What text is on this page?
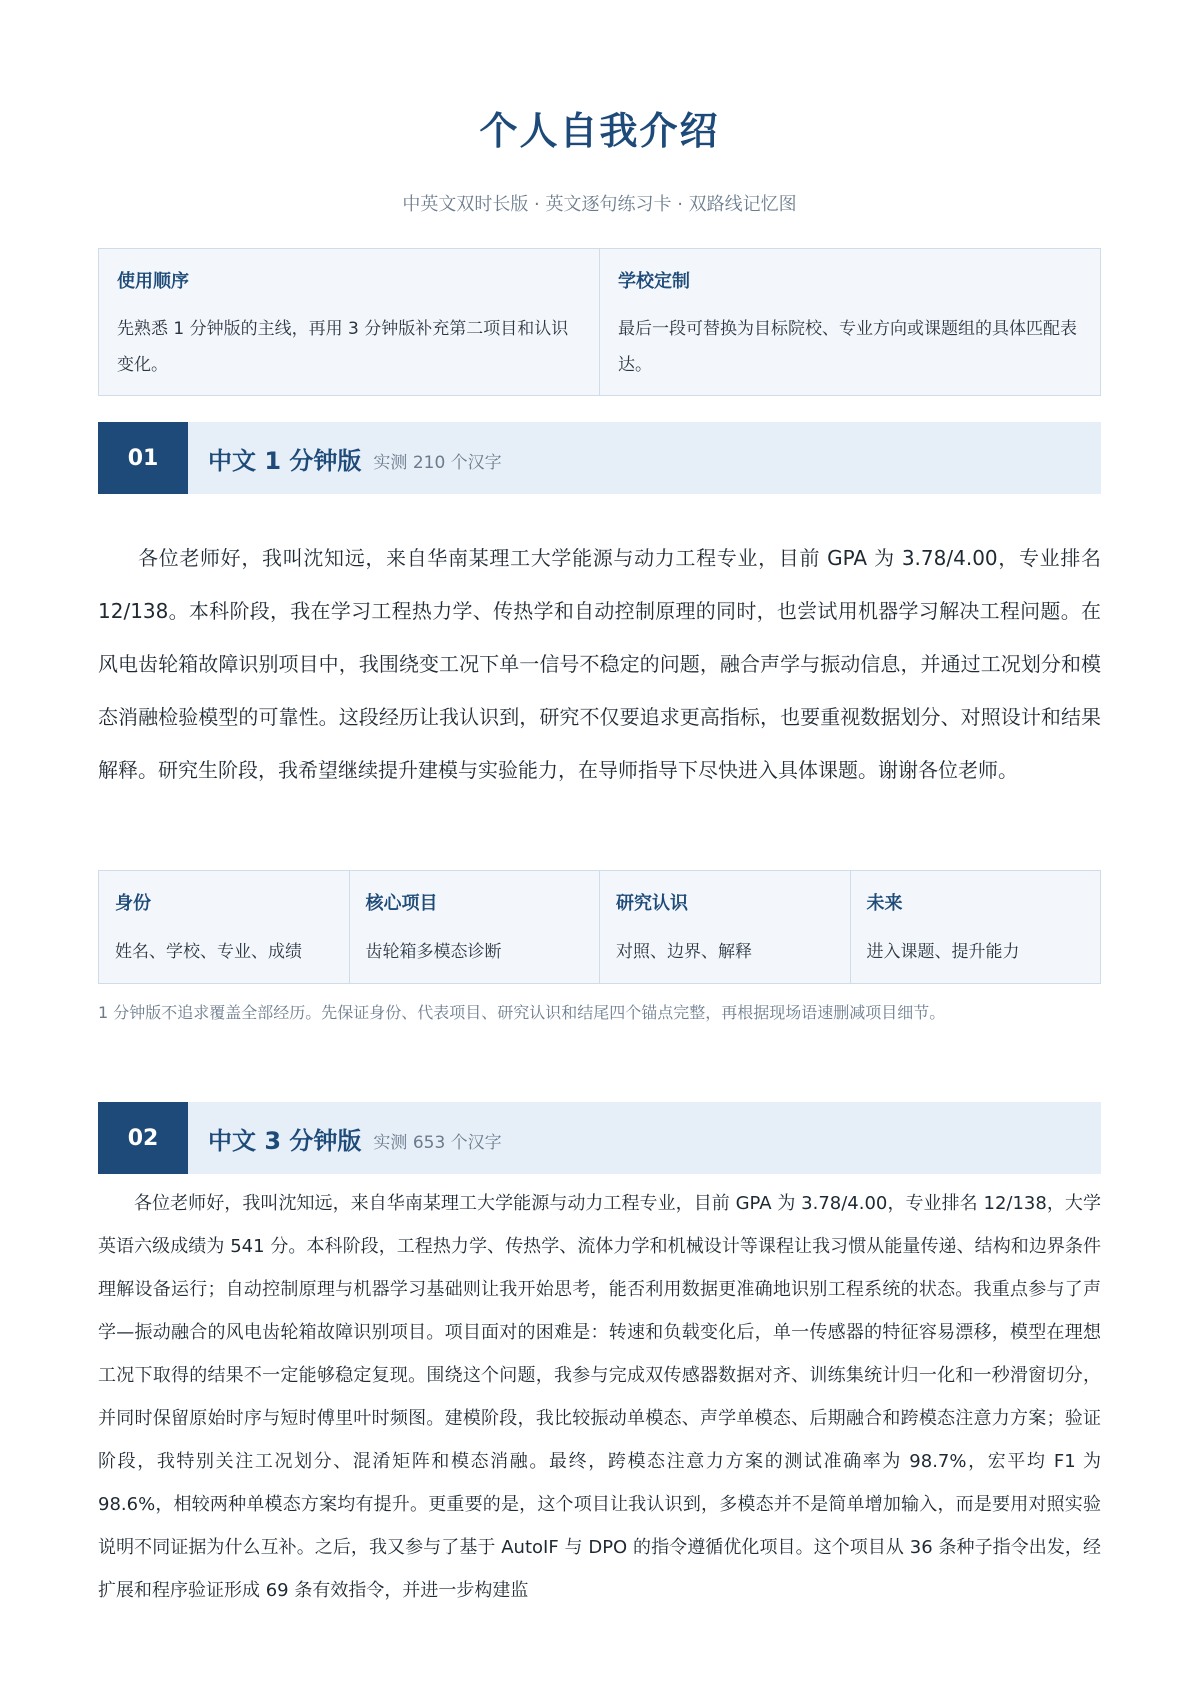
个人自我介绍
中英文双时长版 · 英文逐句练习卡 · 双路线记忆图
使用顺序
先熟悉 1 分钟版的主线，再用 3 分钟版补充第二项目和认识变化。
学校定制
最后一段可替换为目标院校、专业方向或课题组的具体匹配表达。
01	中文 1 分钟版 实测 210 个汉字

各位老师好，我叫沈知远，来自华南某理工大学能源与动力工程专业，目前 GPA 为 3.78/4.00，专业排名 12/138。本科阶段，我在学习工程热力学、传热学和自动控制原理的同时，也尝试用机器学习解决工程问题。在风电齿轮箱故障识别项目中，我围绕变工况下单一信号不稳定的问题，融合声学与振动信息，并通过工况划分和模态消融检验模型的可靠性。这段经历让我认识到，研究不仅要追求更高指标，也要重视数据划分、对照设计和结果解释。研究生阶段，我希望继续提升建模与实验能力，在导师指导下尽快进入具体课题。谢谢各位老师。

身份
姓名、学校、专业、成绩
核心项目
齿轮箱多模态诊断
研究认识
对照、边界、解释
未来
进入课题、提升能力
1 分钟版不追求覆盖全部经历。先保证身份、代表项目、研究认识和结尾四个锚点完整，再根据现场语速删减项目细节。
02	中文 3 分钟版 实测 653 个汉字

各位老师好，我叫沈知远，来自华南某理工大学能源与动力工程专业，目前 GPA 为 3.78/4.00，专业排名 12/138，大学英语六级成绩为 541 分。本科阶段，工程热力学、传热学、流体力学和机械设计等课程让我习惯从能量传递、结构和边界条件理解设备运行；自动控制原理与机器学习基础则让我开始思考，能否利用数据更准确地识别工程系统的状态。我重点参与了声学—振动融合的风电齿轮箱故障识别项目。项目面对的困难是：转速和负载变化后，单一传感器的特征容易漂移，模型在理想工况下取得的结果不一定能够稳定复现。围绕这个问题，我参与完成双传感器数据对齐、训练集统计归一化和一秒滑窗切分，并同时保留原始时序与短时傅里叶时频图。建模阶段，我比较振动单模态、声学单模态、后期融合和跨模态注意力方案；验证阶段，我特别关注工况划分、混淆矩阵和模态消融。最终，跨模态注意力方案的测试准确率为 98.7%，宏平均 F1 为 98.6%，相较两种单模态方案均有提升。更重要的是，这个项目让我认识到，多模态并不是简单增加输入，而是要用对照实验说明不同证据为什么互补。之后，我又参与了基于 AutoIF 与 DPO 的指令遵循优化项目。这个项目从 36 条种子指令出发，经扩展和程序验证形成 69 条有效指令，并进一步构建监
